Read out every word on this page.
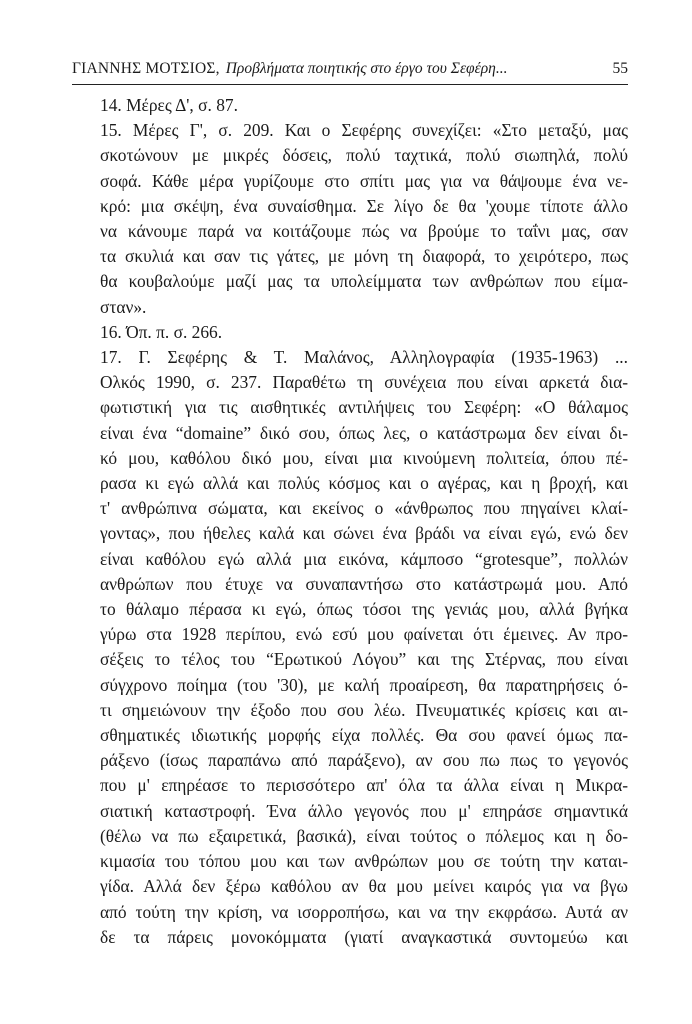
ΓΙΑΝΝΗΣ ΜΟΤΣΙΟΣ, Προβλήματα ποιητικής στο έργο του Σεφέρη...	55
14. Μέρες Δ', σ. 87.
15. Μέρες Γ', σ. 209. Και ο Σεφέρης συνεχίζει: «Στο μεταξύ, μας
σκοτώνουν με μικρές δόσεις, πολύ ταχτικά, πολύ σιωπηλά, πολύ
σοφά. Κάθε μέρα γυρίζουμε στο σπίτι μας για να θάψουμε ένα νε-
κρό: μια σκέψη, ένα συναίσθημα. Σε λίγο δε θα 'χουμε τίποτε άλλο
να κάνουμε παρά να κοιτάζουμε πώς να βρούμε το ταΐνι μας, σαν
τα σκυλιά και σαν τις γάτες, με μόνη τη διαφορά, το χειρότερο, πως
θα κουβαλούμε μαζί μας τα υπολείμματα των ανθρώπων που είμα-
σταν».
16. Όπ. π. σ. 266.
17. Γ. Σεφέρης & Τ. Μαλάνος, Αλληλογραφία (1935-1963) ...
Ολκός 1990, σ. 237. Παραθέτω τη συνέχεια που είναι αρκετά δια-
φωτιστική για τις αισθητικές αντιλήψεις του Σεφέρη: «Ο θάλαμος
είναι ένα “domaine” δικό σου, όπως λες, ο κατάστρωμα δεν είναι δι-
κό μου, καθόλου δικό μου, είναι μια κινούμενη πολιτεία, όπου πέ-
ρασα κι εγώ αλλά και πολύς κόσμος και ο αγέρας, και η βροχή, και
τ' ανθρώπινα σώματα, και εκείνος ο «άνθρωπος που πηγαίνει κλαί-
γοντας», που ήθελες καλά και σώνει ένα βράδι να είναι εγώ, ενώ δεν
είναι καθόλου εγώ αλλά μια εικόνα, κάμποσο “grotesque”, πολλών
ανθρώπων που έτυχε να συναπαντήσω στο κατάστρωμά μου. Από
το θάλαμο πέρασα κι εγώ, όπως τόσοι της γενιάς μου, αλλά βγήκα
γύρω στα 1928 περίπου, ενώ εσύ μου φαίνεται ότι έμεινες. Αν προ-
σέξεις το τέλος του “Ερωτικού Λόγου” και της Στέρνας, που είναι
σύγχρονο ποίημα (του '30), με καλή προαίρεση, θα παρατηρήσεις ό-
τι σημειώνουν την έξοδο που σου λέω. Πνευματικές κρίσεις και αι-
σθηματικές ιδιωτικής μορφής είχα πολλές. Θα σου φανεί όμως πα-
ράξενο (ίσως παραπάνω από παράξενο), αν σου πω πως το γεγονός
που μ' επηρέασε το περισσότερο απ' όλα τα άλλα είναι η Μικρα-
σιατική καταστροφή. Ένα άλλο γεγονός που μ' επηράσε σημαντικά
(θέλω να πω εξαιρετικά, βασικά), είναι τούτος ο πόλεμος και η δο-
κιμασία του τόπου μου και των ανθρώπων μου σε τούτη την καται-
γίδα. Αλλά δεν ξέρω καθόλου αν θα μου μείνει καιρός για να βγω
από τούτη την κρίση, να ισορροπήσω, και να την εκφράσω. Αυτά αν
δε τα πάρεις μονοκόμματα (γιατί αναγκαστικά συντομεύω και
